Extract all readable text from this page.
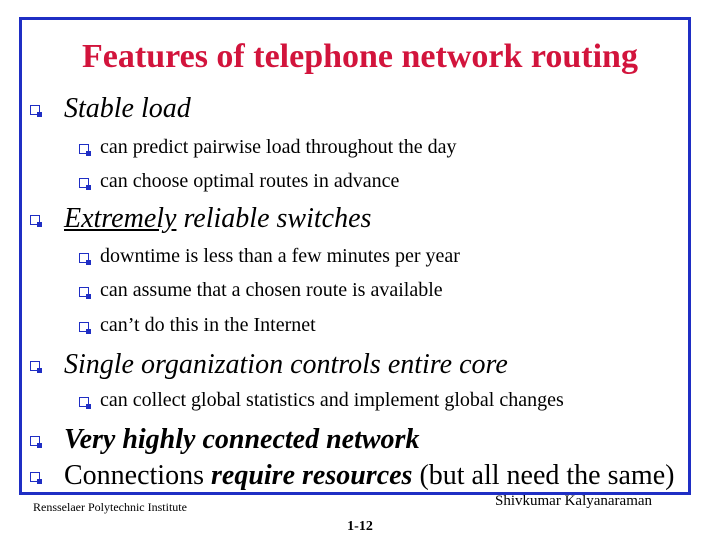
Features of telephone network routing
Stable load
can predict pairwise load throughout the day
can choose optimal routes in advance
Extremely reliable switches
downtime is less than a few minutes per year
can assume that a chosen route is available
can’t do this in the Internet
Single organization controls entire core
can collect global statistics and implement global changes
Very highly connected network
Connections require resources (but all need the same)
Rensselaer Polytechnic Institute	Shivkumar Kalyanaraman
1-12
